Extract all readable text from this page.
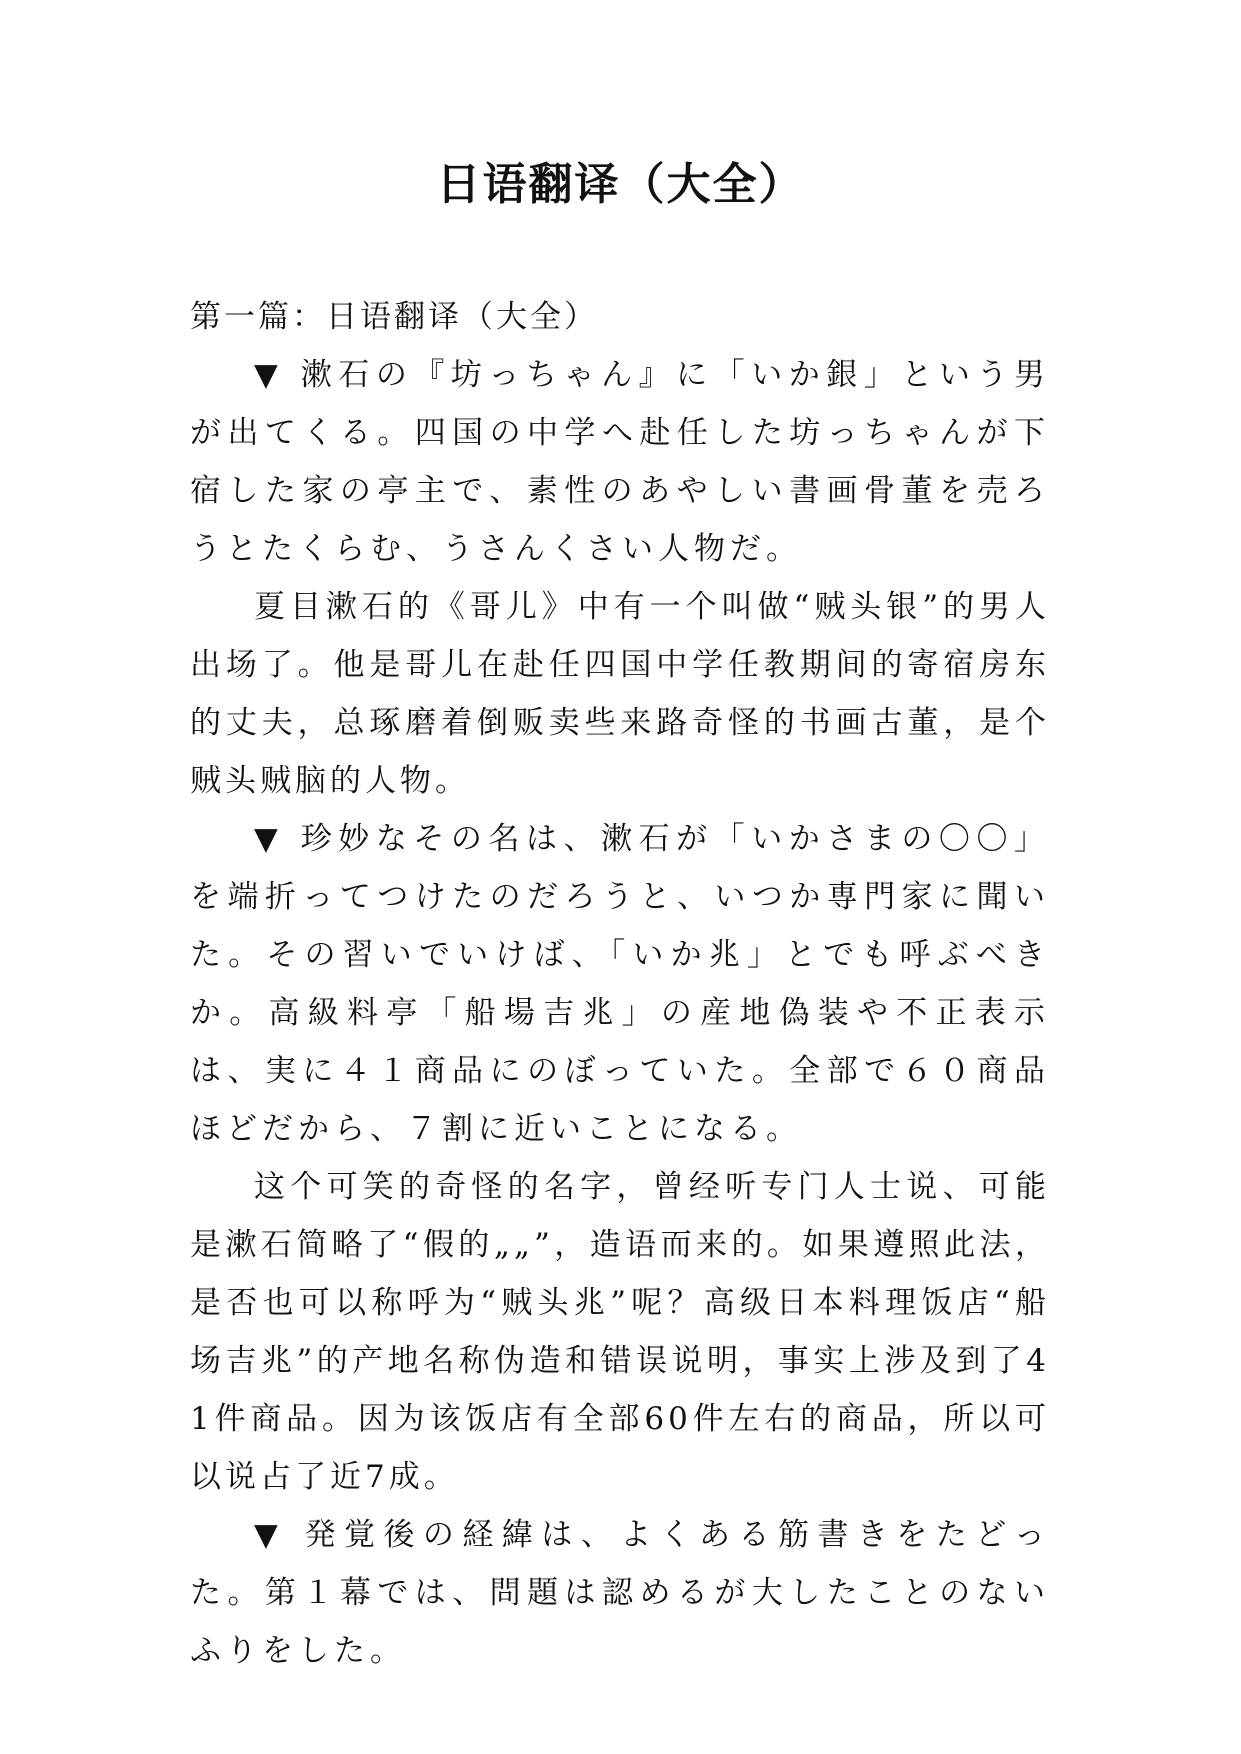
日语翻译（大全）

第一篇：日语翻译（大全）

▼ 漱石の『坊っちゃん』に「いか銀」という男が出てくる。四国の中学へ赴任した坊っちゃんが下宿した家の亭主で、素性のあやしい書画骨董を売ろうとたくらむ、うさんくさい人物だ。

夏目漱石的《哥儿》中有一个叫做“贼头银”的男人出场了。他是哥儿在赴任四国中学任教期间的寄宿房东的丈夫，总琢磨着倒贩卖些来路奇怪的书画古董，是个贼头贼脑的人物。

▼ 珍妙なその名は、漱石が「いかさまの〇〇」を端折ってつけたのだろうと、いつか専門家に聞いた。その習いでいけば、「いか兆」とでも呼ぶべきか。高級料亭「船場吉兆」の産地偽装や不正表示は、実に４１商品にのぼっていた。全部で６０商品ほどだから、７割に近いことになる。

这个可笑的奇怪的名字，曾经听专门人士说、可能是漱石简略了“假的„„”，造语而来的。如果遵照此法，是否也可以称呼为“贼头兆”呢？高级日本料理饭店“船场吉兆”的产地名称伪造和错误说明，事实上涉及到了41件商品。因为该饭店有全部60件左右的商品，所以可以说占了近7成。

▼ 発覚後の経緯は、よくある筋書きをたどった。第１幕では、問題は認めるが大したことのないふりをした。
